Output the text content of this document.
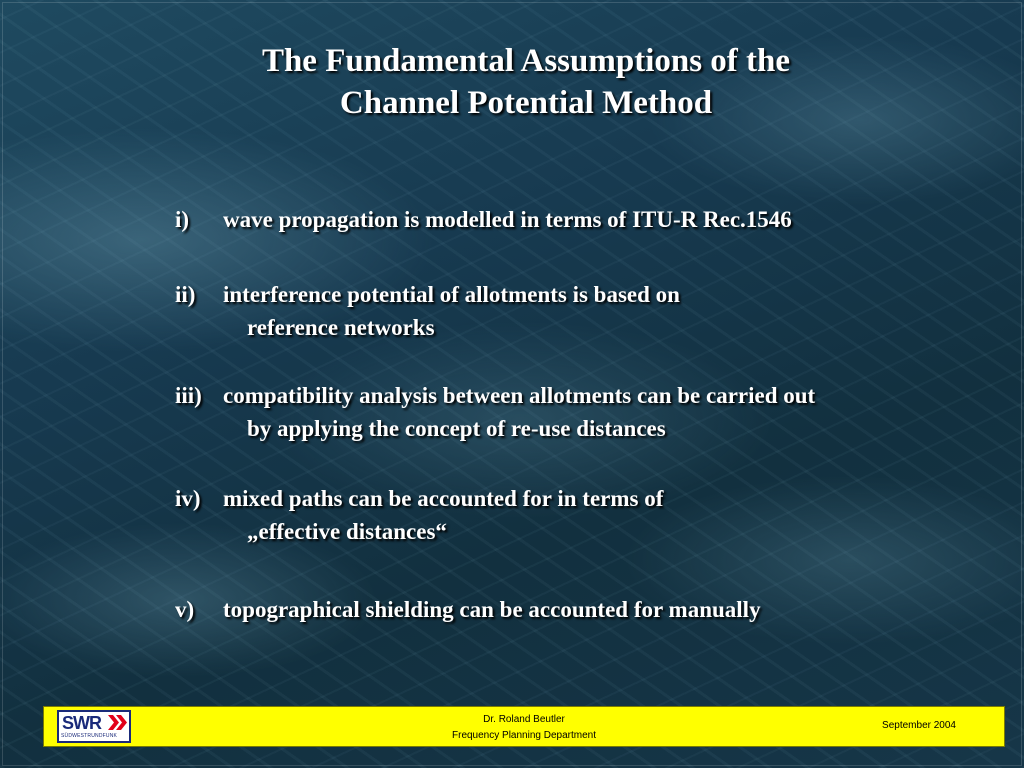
The Fundamental Assumptions of the
Channel Potential Method
i) wave propagation is modelled in terms of ITU-R Rec.1546
ii) interference potential of allotments is based on
reference networks
iii) compatibility analysis between allotments can be carried out
by applying the concept of re-use distances
iv) mixed paths can be accounted for in terms of
„effective distances“
v) topographical shielding can be accounted for manually
SWR
SÜDWESTRUNDFUNK
Dr. Roland Beutler
Frequency Planning Department
September 2004
